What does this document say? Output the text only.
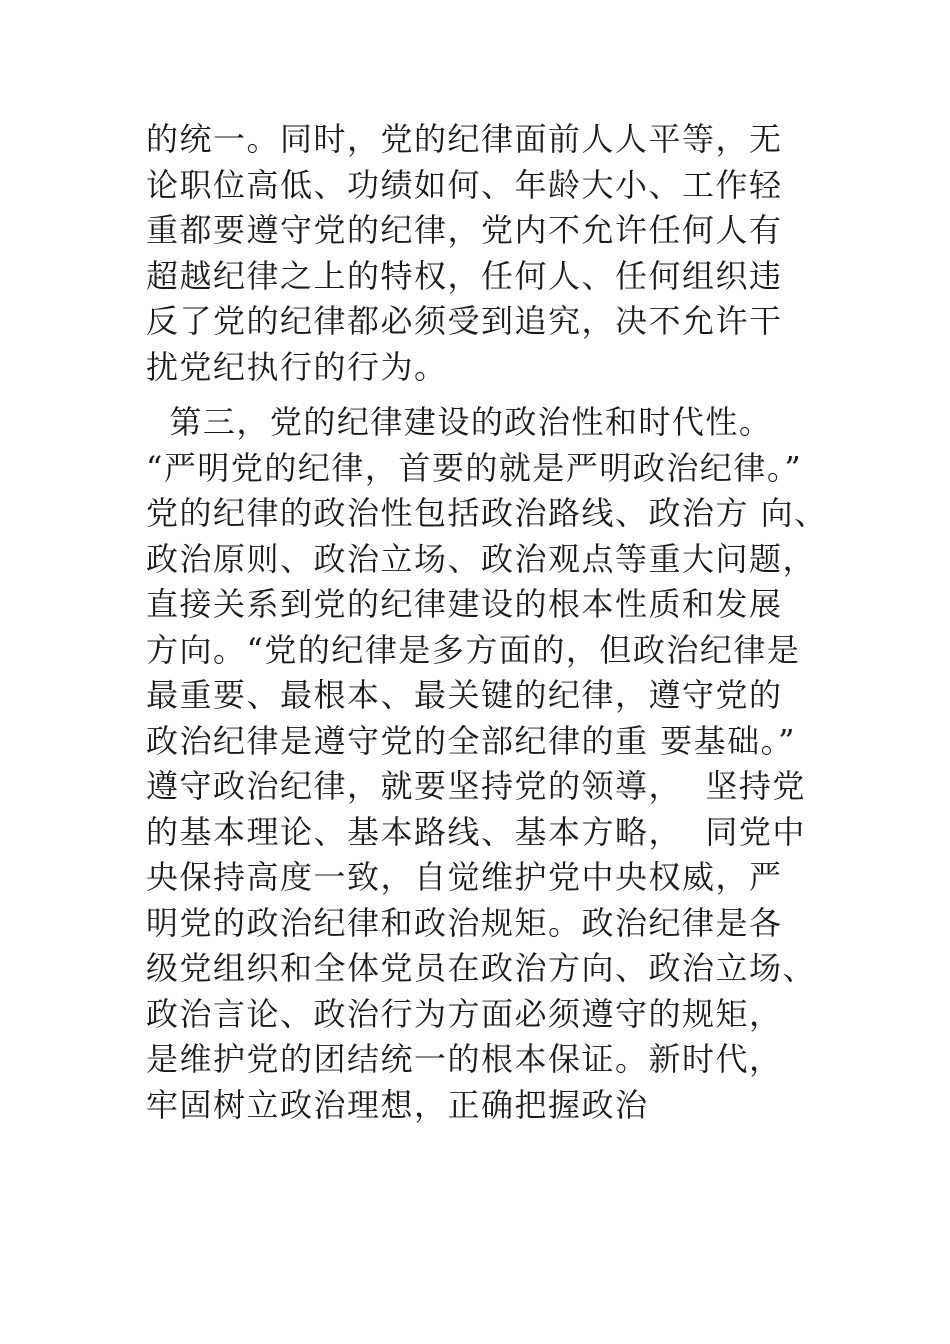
的统一。同时，党的纪律面前人人平等，无
论职位高低、功绩如何、年龄大小、工作轻
重都要遵守党的纪律，党内不允许任何人有
超越纪律之上的特权，任何人、任何组织违
反了党的纪律都必须受到追究，决不允许干
扰党纪执行的行为。
第三，党的纪律建设的政治性和时代性。
“严明党的纪律，首要的就是严明政治纪律。”
党的纪律的政治性包括政治路线、政治方 向、
政治原则、政治立场、政治观点等重大问题，
直接关系到党的纪律建设的根本性质和发展
方向。“党的纪律是多方面的，但政治纪律是
最重要、最根本、最关键的纪律，遵守党的
政治纪律是遵守党的全部纪律的重 要基础。”
遵守政治纪律，就要坚持党的领導，  坚持党
的基本理论、基本路线、基本方略，  同党中
央保持高度一致，自觉维护党中央权威，严
明党的政治纪律和政治规矩。政治纪律是各
级党组织和全体党员在政治方向、政治立场、
政治言论、政治行为方面必须遵守的规矩，
是维护党的团结统一的根本保证。新时代，
牢固树立政治理想，正确把握政治
